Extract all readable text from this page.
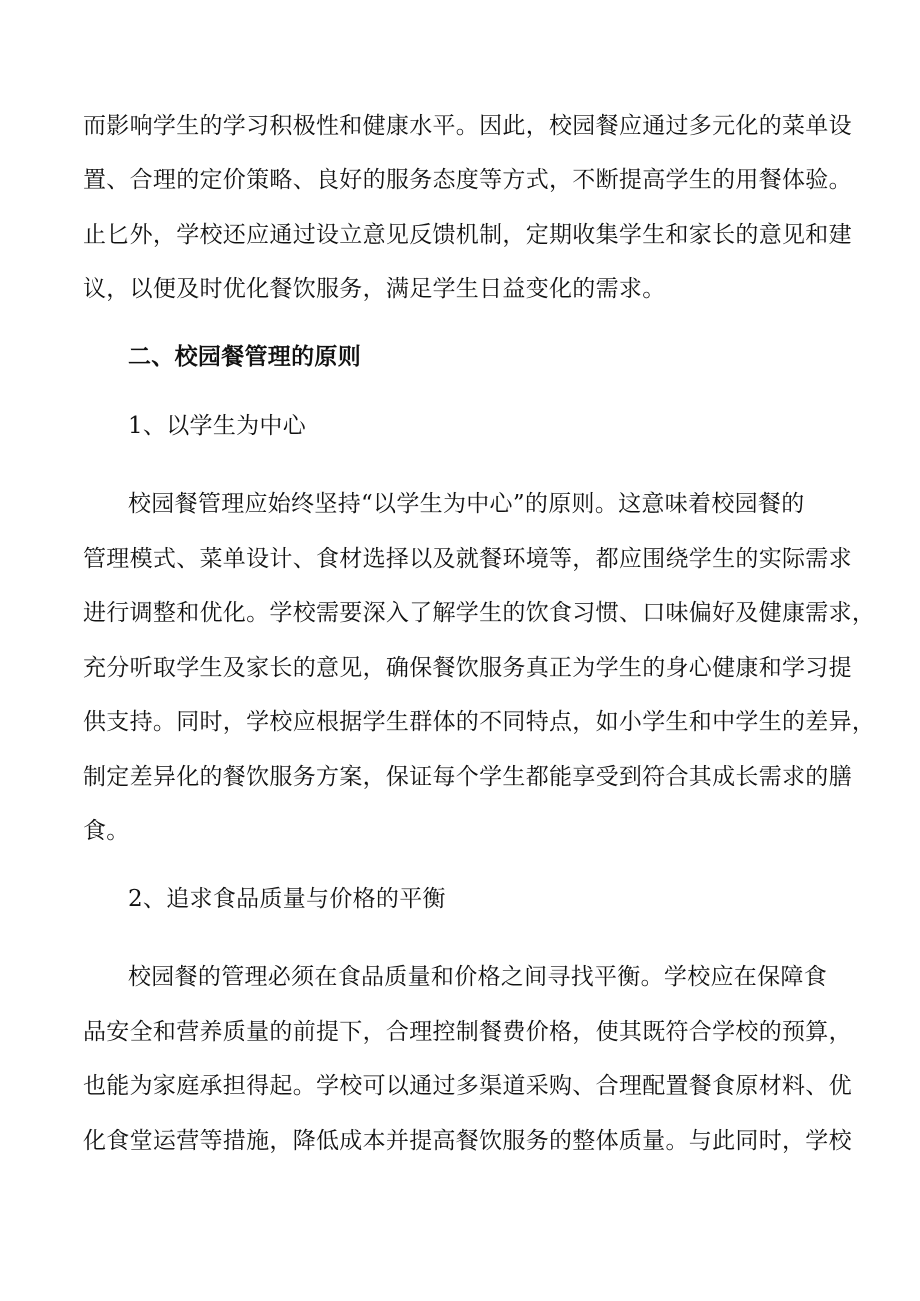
而影响学生的学习积极性和健康水平。因此，校园餐应通过多元化的菜单设
置、合理的定价策略、良好的服务态度等方式，不断提高学生的用餐体验。
止匕外，学校还应通过设立意见反馈机制，定期收集学生和家长的意见和建
议，以便及时优化餐饮服务，满足学生日益变化的需求。
二、校园餐管理的原则
1、以学生为中心
校园餐管理应始终坚持“以学生为中心”的原则。这意味着校园餐的
管理模式、菜单设计、食材选择以及就餐环境等，都应围绕学生的实际需求
进行调整和优化。学校需要深入了解学生的饮食习惯、口味偏好及健康需求，
充分听取学生及家长的意见，确保餐饮服务真正为学生的身心健康和学习提
供支持。同时，学校应根据学生群体的不同特点，如小学生和中学生的差异，
制定差异化的餐饮服务方案，保证每个学生都能享受到符合其成长需求的膳
食。
2、追求食品质量与价格的平衡
校园餐的管理必须在食品质量和价格之间寻找平衡。学校应在保障食
品安全和营养质量的前提下，合理控制餐费价格，使其既符合学校的预算，
也能为家庭承担得起。学校可以通过多渠道采购、合理配置餐食原材料、优
化食堂运营等措施，降低成本并提高餐饮服务的整体质量。与此同时，学校
